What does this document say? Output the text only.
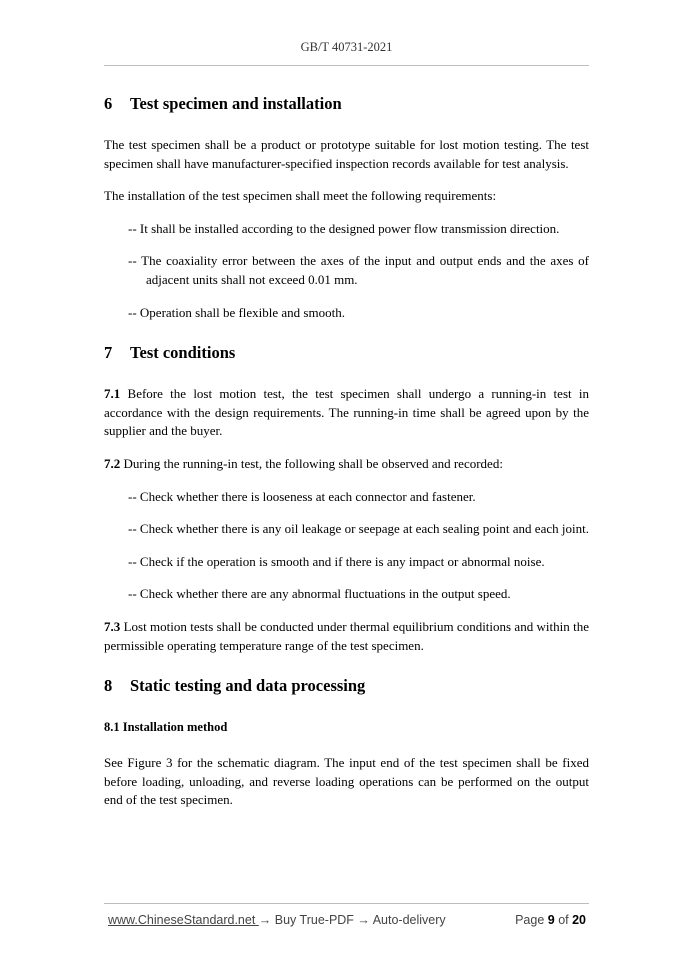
GB/T 40731-2021
6 Test specimen and installation

The test specimen shall be a product or prototype suitable for lost motion testing. The test specimen shall have manufacturer-specified inspection records available for test analysis.

The installation of the test specimen shall meet the following requirements:

-- It shall be installed according to the designed power flow transmission direction.

-- The coaxiality error between the axes of the input and output ends and the axes of adjacent units shall not exceed 0.01 mm.

-- Operation shall be flexible and smooth.

7 Test conditions

7.1 Before the lost motion test, the test specimen shall undergo a running-in test in accordance with the design requirements. The running-in time shall be agreed upon by the supplier and the buyer.

7.2 During the running-in test, the following shall be observed and recorded:

-- Check whether there is looseness at each connector and fastener.

-- Check whether there is any oil leakage or seepage at each sealing point and each joint.

-- Check if the operation is smooth and if there is any impact or abnormal noise.

-- Check whether there are any abnormal fluctuations in the output speed.

7.3 Lost motion tests shall be conducted under thermal equilibrium conditions and within the permissible operating temperature range of the test specimen.

8 Static testing and data processing
8.1 Installation method

See Figure 3 for the schematic diagram. The input end of the test specimen shall be fixed before loading, unloading, and reverse loading operations can be performed on the output end of the test specimen.

www.ChineseStandard.net → Buy True-PDF → Auto-delivery	Page 9 of 20
